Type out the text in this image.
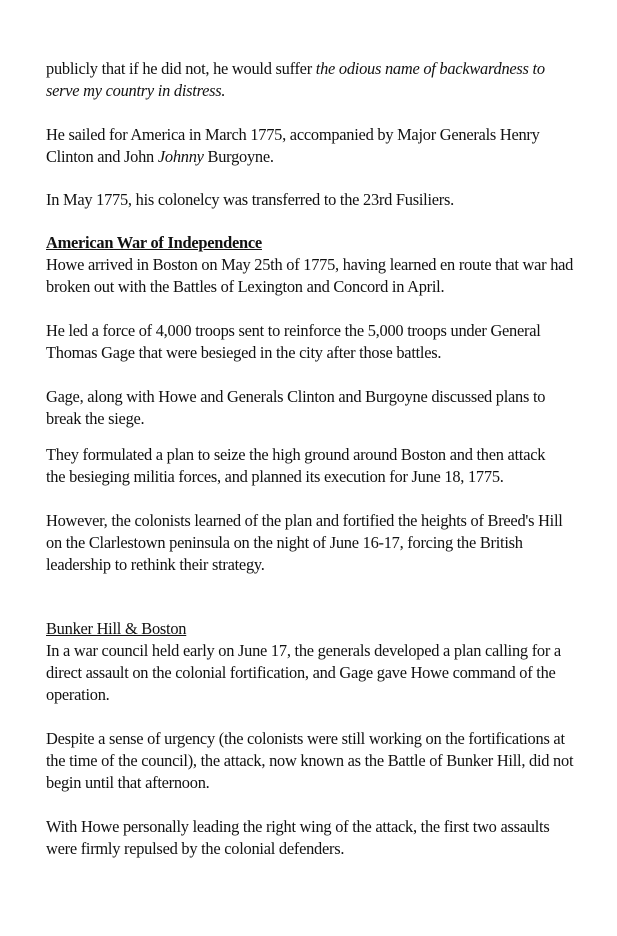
publicly that if he did not, he would suffer the odious name of backwardness to serve my country in distress.

He sailed for America in March 1775, accompanied by Major Generals Henry Clinton and John Johnny Burgoyne.

In May 1775, his colonelcy was transferred to the 23rd Fusiliers.

American War of Independence

Howe arrived in Boston on May 25th of 1775, having learned en route that war had broken out with the Battles of Lexington and Concord in April.

He led a force of 4,000 troops sent to reinforce the 5,000 troops under General Thomas Gage that were besieged in the city after those battles.

Gage, along with Howe and Generals Clinton and Burgoyne discussed plans to break the siege.

They formulated a plan to seize the high ground around Boston and then attack the besieging militia forces, and planned its execution for June 18, 1775.

However, the colonists learned of the plan and fortified the heights of Breed's Hill on the Clarlestown peninsula on the night of June 16-17, forcing the British leadership to rethink their strategy.

Bunker Hill & Boston

In a war council held early on June 17, the generals developed a plan calling for a direct assault on the colonial fortification, and Gage gave Howe command of the operation.

Despite a sense of urgency (the colonists were still working on the fortifications at the time of the council), the attack, now known as the Battle of Bunker Hill, did not begin until that afternoon.

With Howe personally leading the right wing of the attack, the first two assaults were firmly repulsed by the colonial defenders.
